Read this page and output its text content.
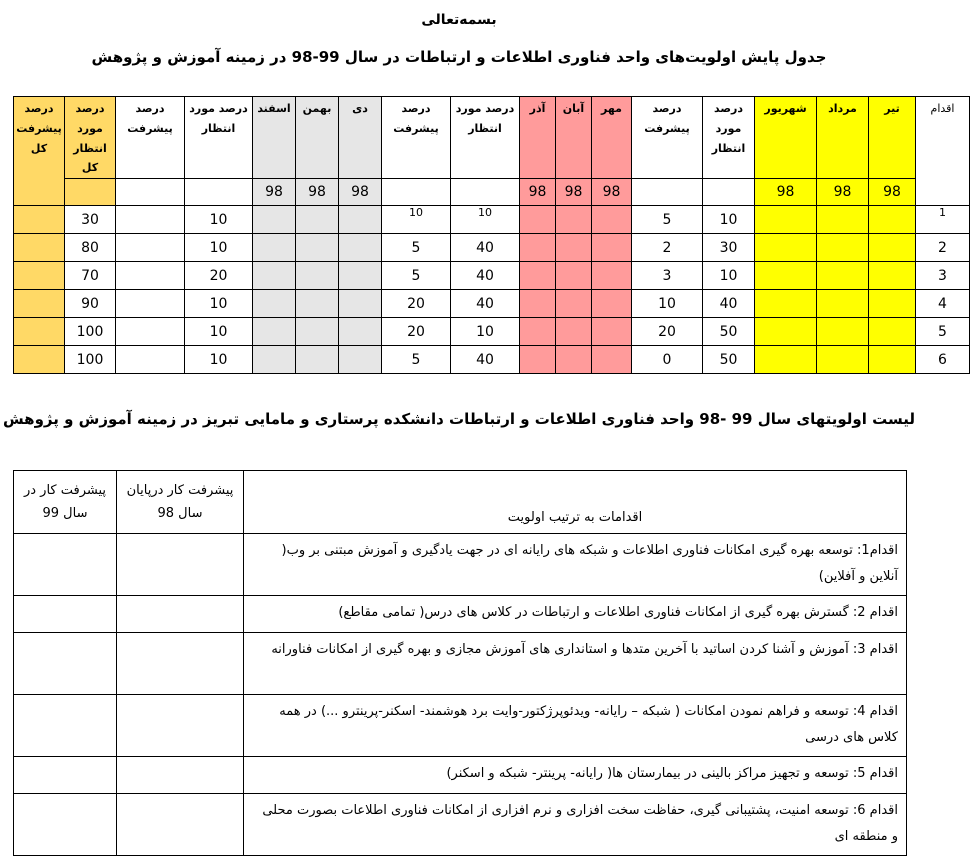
بسمه‌تعالی
جدول پایش اولویت‌های واحد فناوری اطلاعات و ارتباطات در سال 99-98 در زمینه آموزش و پژوهش
درصد پیشرفت کل	درصد مورد انتظار کل	درصد پیشرفت	درصد مورد انتظار	اسفند	بهمن	دی	درصد پیشرفت	درصد مورد انتظار	آذر	آبان	مهر	درصد پیشرفت	درصد مورد انتظار	شهریور	مرداد	تیر	اقدام
				98	98	98			98	98	98			98	98	98	
	30		10				10	10				5	10				1
	80		10				5	40				2	30				2
	70		20				5	40				3	10				3
	90		10				20	40				10	40				4
	100		10				20	10				20	50				5
	100		10				5	40				0	50				6
لیست اولویتهای سال 99 -98 واحد فناوری اطلاعات و ارتباطات دانشکده پرستاری و مامایی تبریز در زمینه آموزش و پژوهش
پیشرفت کار در سال 99	پیشرفت کار درپایان سال 98	اقدامات به ترتیب اولویت
		اقدام1: توسعه بهره گیری امکانات فناوری اطلاعات و شبکه های رایانه ای در جهت یادگیری و آموزش مبتنی بر وب( آنلاین و آفلاین)
		اقدام 2: گسترش بهره گیری از امکانات فناوری اطلاعات و ارتباطات در کلاس های درس( تمامی مقاطع)
		اقدام 3: آموزش و آشنا کردن اساتید با آخرین متدها و استانداری های آموزش مجازی و بهره گیری از امکانات فناورانه
		اقدام 4: توسعه و فراهم نمودن امکانات ( شبکه – رایانه- ویدئوپرژکتور-وایت برد هوشمند- اسکنر-پرینترو ...) در همه کلاس های درسی
		اقدام 5: توسعه و تجهیز مراکز بالینی در بیمارستان ها( رایانه- پرینتر- شبکه و اسکنر)
		اقدام 6: توسعه امنیت، پشتیبانی گیری، حفاظت سخت افزاری و نرم افزاری از امکانات فناوری اطلاعات بصورت محلی و منطقه ای
